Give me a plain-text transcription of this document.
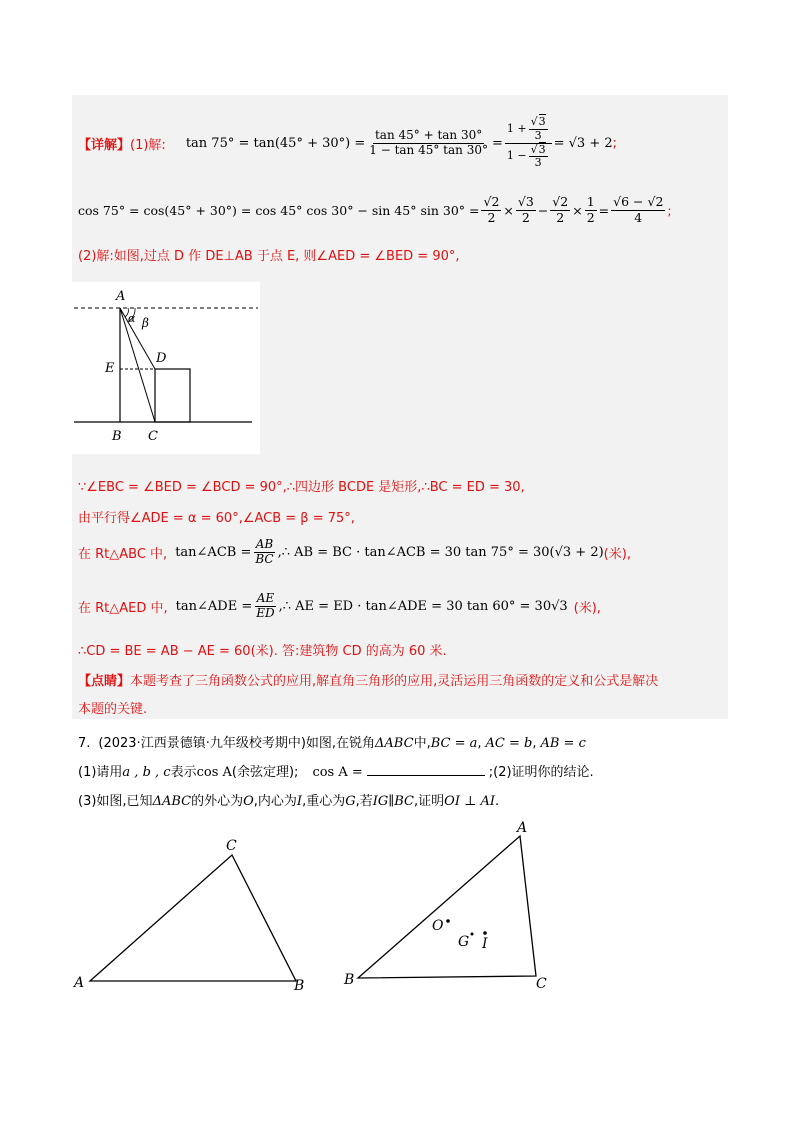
【详解】 (1)解: $\tan 75^\circ = \tan(45^\circ + 30^\circ) = \frac{\tan 45^\circ + \tan 30^\circ}{1 - \tan 45^\circ \tan 30^\circ} = \frac{1 + \frac{√3}{3}}{1 - \frac{√3}{3}} = √3 + 2$ ;
cos 75° = cos(45° + 30°) = cos 45° cos 30° − sin 45° $\sin 30^\circ = \frac{√2}{2} \times \frac{√3}{2} - \frac{√2}{2} \times \frac{1}{2} = \frac{√6 - √2}{4}$ ;
(2)解:如图,过点 D 作 DE⊥AB 于点 E, 则∠AED = ∠BED = 90°,
A
α β
E
D
B C
∵∠EBC = ∠BED = ∠BCD = 90°,∴四边形 BCDE 是矩形,∴BC = ED = 30,
由平行得∠ADE = α = 60°,∠ACB = β = 75°,
在 Rt△ABC 中, tan∠ACB = $\frac{AB}{BC}$ ,∴ AB = BC · tan∠ACB = 30 tan 75° = 30(√3 + 2) (米),
在 Rt△AED 中, tan∠ADE = $\frac{AE}{ED}$ ,∴ AE = ED · tan∠ADE = 30 tan 60° = 30√3 (米),
∴CD = BE = AB − AE = 60(米). 答:建筑物 CD 的高为 60 米.
【点睛】本题考查了三角函数公式的应用,解直角三角形的应用,灵活运用三角函数的定义和公式是解决
本题的关键.
7. (2023·江西景德镇·九年级校考期中)如图,在锐角ΔABC中,BC = a, AC = b, AB = c
(1)请用a , b , c表示cos A(余弦定理); cos A =	;(2)证明你的结论.
(3)如图,已知ΔABC的外心为O,内心为I,重心为G,若IG∥BC,证明OI ⊥ AI.
A
C
B
A
B	C
O
G I
